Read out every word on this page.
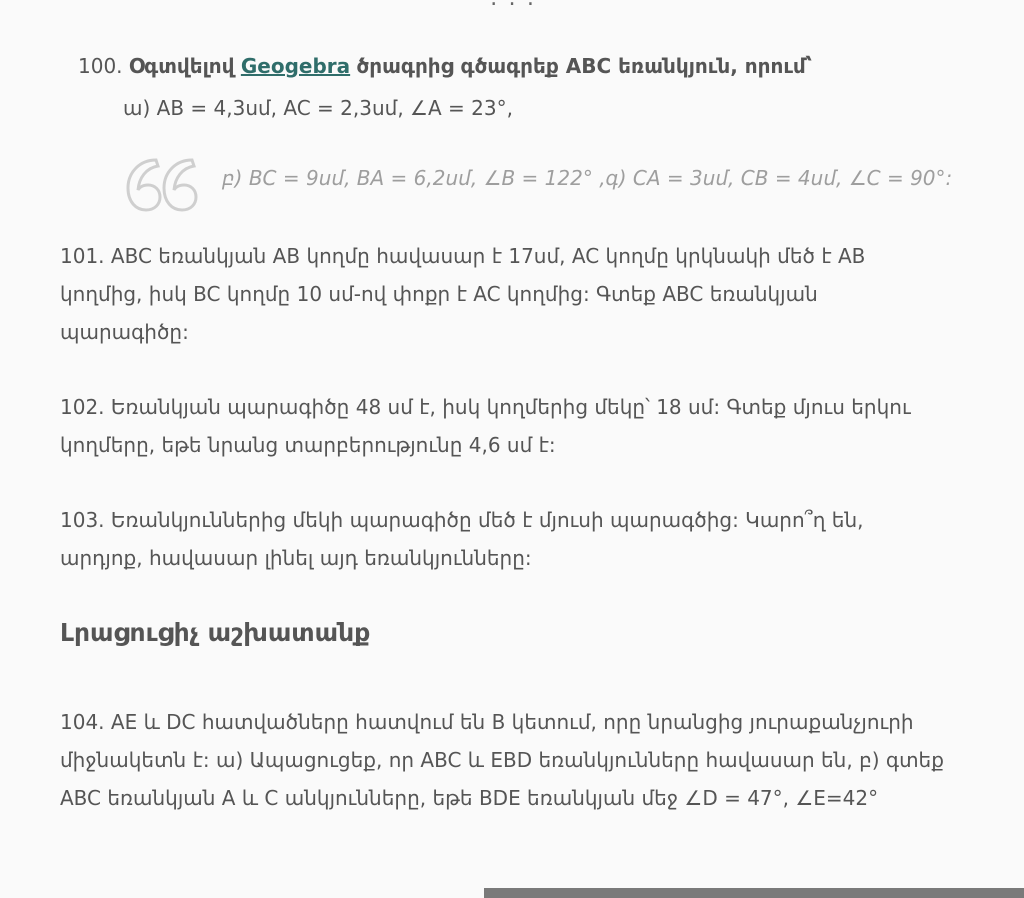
100. Օգտվելով Geogebra ծրագրից գծագրեք ABC եռանկյուն, որում՝
ա) AB = 4,3սմ, AC = 2,3սմ, ∠A = 23°,
բ) BC = 9սմ, BA = 6,2սմ, ∠B = 122° ,գ) CA = 3սմ, CB = 4սմ, ∠C = 90°:
101. ABC եռանկյան AB կողմը հավասար է 17սմ, AC կողմը կրկնակի մեծ է AB
կողմից, իսկ BC կողմը 10 սմ-ով փոքր է AC կողմից: Գտեք ABC եռանկյան
պարագիծը:
102. Եռանկյան պարագիծը 48 սմ է, իսկ կողմերից մեկը՝ 18 սմ: Գտեք մյուս երկու
կողմերը, եթե նրանց տարբերությունը 4,6 սմ է:
103. Եռանկյուններից մեկի պարագիծը մեծ է մյուսի պարագծից: Կարո՞ղ են,
արդյոք, հավասար լինել այդ եռանկյունները:
Լրացուցիչ աշխատանք
104. AE և DC հատվածները հատվում են B կետում, որը նրանցից յուրաքանչյուրի
միջնակետն է: ա) Ապացուցեք, որ ABC և EBD եռանկյունները հավասար են, բ) գտեք
ABC եռանկյան A և C անկյունները, եթե BDE եռանկյան մեջ ∠D = 47°, ∠E=42°
